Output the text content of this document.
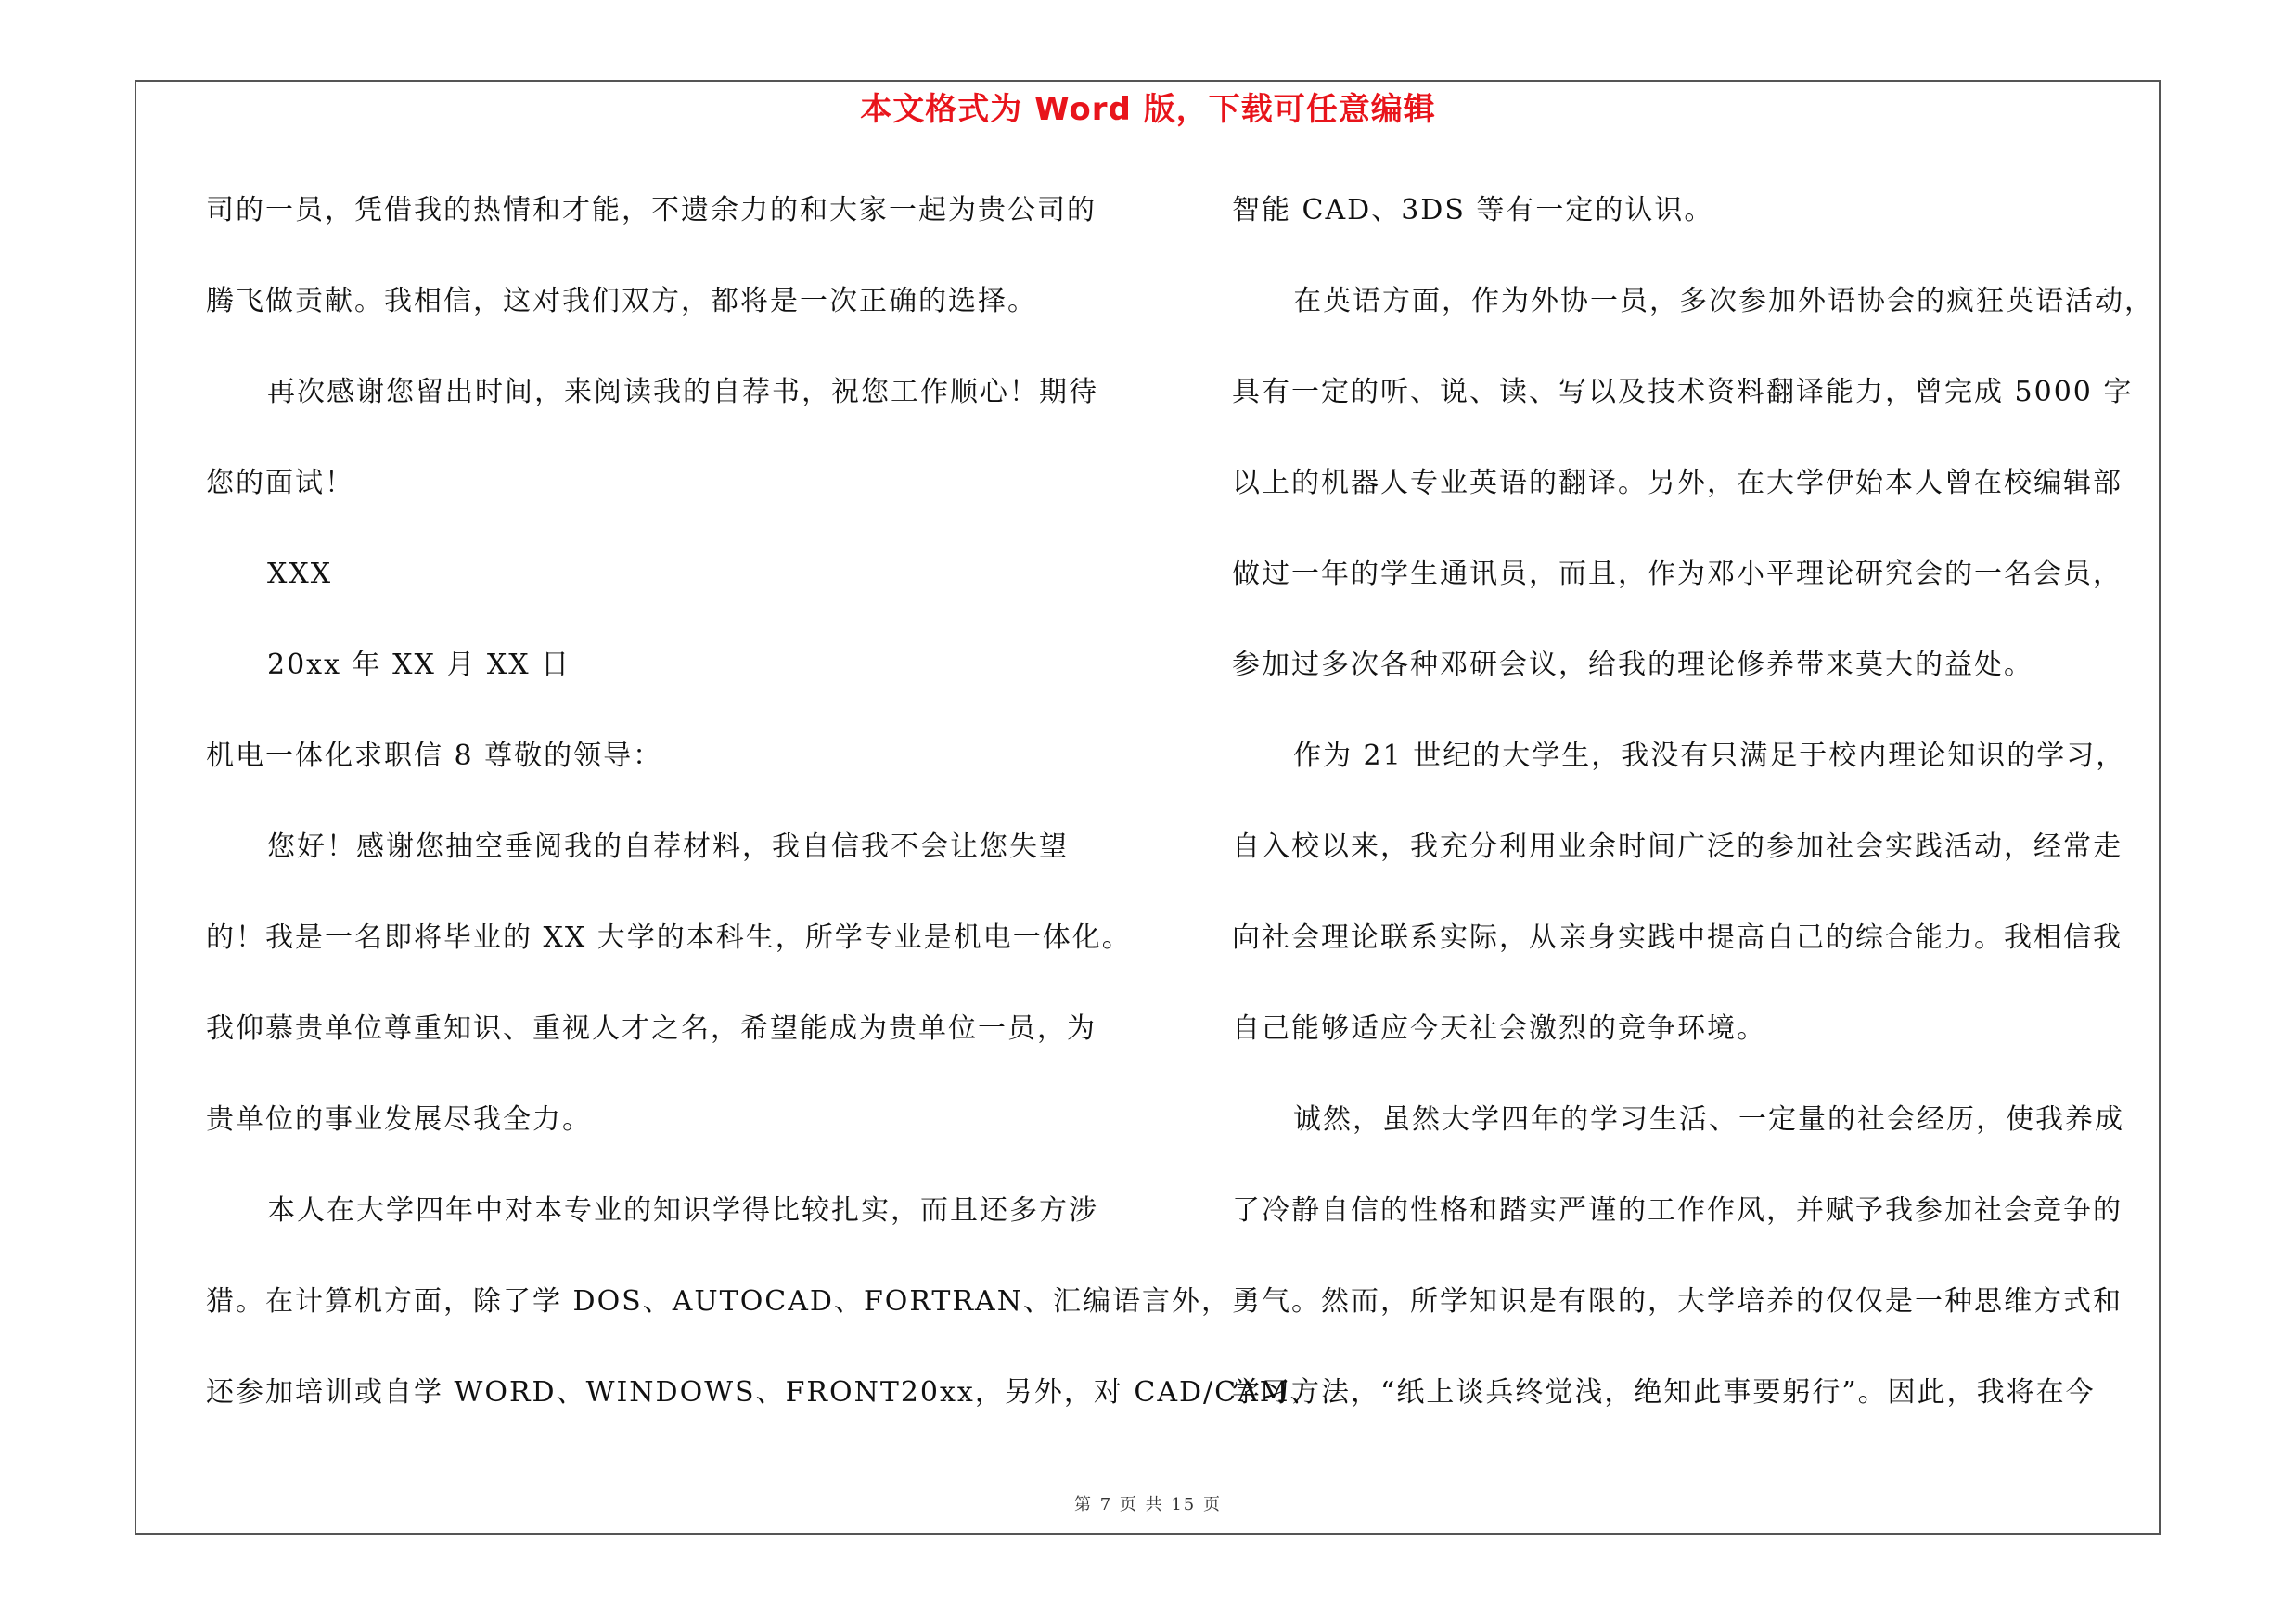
本文格式为 Word 版，下载可任意编辑
司的一员，凭借我的热情和才能，不遗余力的和大家一起为贵公司的
腾飞做贡献。我相信，这对我们双方，都将是一次正确的选择。
再次感谢您留出时间，来阅读我的自荐书，祝您工作顺心！期待
您的面试！
XXX
20xx 年 XX 月 XX 日
机电一体化求职信 8 尊敬的领导：
您好！感谢您抽空垂阅我的自荐材料，我自信我不会让您失望
的！我是一名即将毕业的 XX 大学的本科生，所学专业是机电一体化。
我仰慕贵单位尊重知识、重视人才之名，希望能成为贵单位一员，为
贵单位的事业发展尽我全力。
本人在大学四年中对本专业的知识学得比较扎实，而且还多方涉
猎。在计算机方面，除了学 DOS、AUTOCAD、FORTRAN、汇编语言外，
还参加培训或自学 WORD、WINDOWS、FRONT20xx，另外，对 CAD/CAM、
智能 CAD、3DS 等有一定的认识。
在英语方面，作为外协一员，多次参加外语协会的疯狂英语活动，
具有一定的听、说、读、写以及技术资料翻译能力，曾完成 5000 字
以上的机器人专业英语的翻译。另外，在大学伊始本人曾在校编辑部
做过一年的学生通讯员，而且，作为邓小平理论研究会的一名会员，
参加过多次各种邓研会议，给我的理论修养带来莫大的益处。
作为 21 世纪的大学生，我没有只满足于校内理论知识的学习，
自入校以来，我充分利用业余时间广泛的参加社会实践活动，经常走
向社会理论联系实际，从亲身实践中提高自己的综合能力。我相信我
自己能够适应今天社会激烈的竞争环境。
诚然，虽然大学四年的学习生活、一定量的社会经历，使我养成
了冷静自信的性格和踏实严谨的工作作风，并赋予我参加社会竞争的
勇气。然而，所学知识是有限的，大学培养的仅仅是一种思维方式和
学习方法，“纸上谈兵终觉浅，绝知此事要躬行”。因此，我将在今
第 7 页 共 15 页
